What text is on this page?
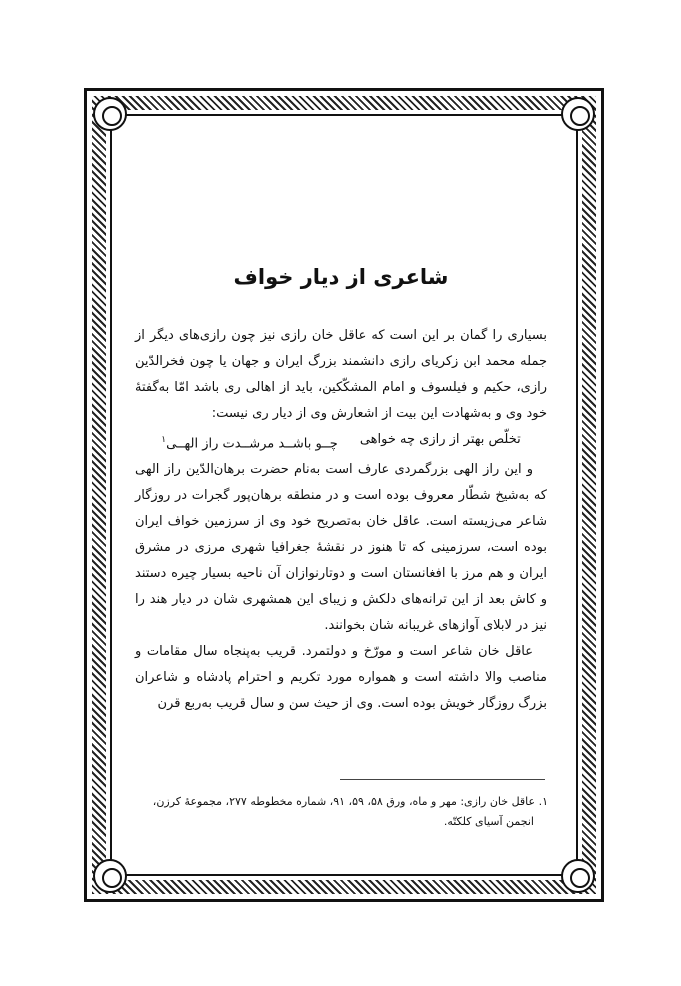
شاعری از دیار خواف

بسیاری را گمان بر این است که عاقل خان رازی نیز چون رازی‌های دیگر از جمله محمد ابن زکریای رازی دانشمند بزرگ ایران و جهان یا چون فخرالدّین رازی، حکیم و فیلسوف و امام المشکّکین، باید از اهالی ری باشد امّا به‌گفتهٔ خود وی و به‌شهادت این بیت از اشعارش وی از دیار ری نیست:

تخلّص بهتر از رازی چه خواهی
چــو باشــد مرشــدت راز الهــی$^۱$

و این راز الهی بزرگمردی عارف است به‌نام حضرت برهان‌الدّین راز الهی که به‌شیخ شطّار معروف بوده است و در منطقه برهان‌پور گجرات در روزگار شاعر می‌زیسته است. عاقل خان به‌تصریح خود وی از سرزمین خواف ایران بوده است، سرزمینی که تا هنوز در نقشهٔ جغرافیا شهری مرزی در مشرق ایران و هم مرز با افغانستان است و دوتارنوازان آن ناحیه بسیار چیره دستند و کاش بعد از این ترانه‌های دلکش و زیبای این همشهری شان در دیار هند را نیز در لابلای آوازهای غریبانه شان بخوانند.

عاقل خان شاعر است و مورّخ و دولتمرد. قریب به‌پنجاه سال مقامات و مناصب والا داشته است و همواره مورد تکریم و احترام پادشاه و شاعران بزرگ روزگار خویش بوده است. وی از حیث سن و سال قریب به‌ربع قرن

۱. عاقل خان رازی: مهر و ماه، ورق ۵۸، ۵۹، ۹۱، شماره مخطوطه ۲۷۷، مجموعهٔ کرزن،
انجمن آسیای کلکتّه.
